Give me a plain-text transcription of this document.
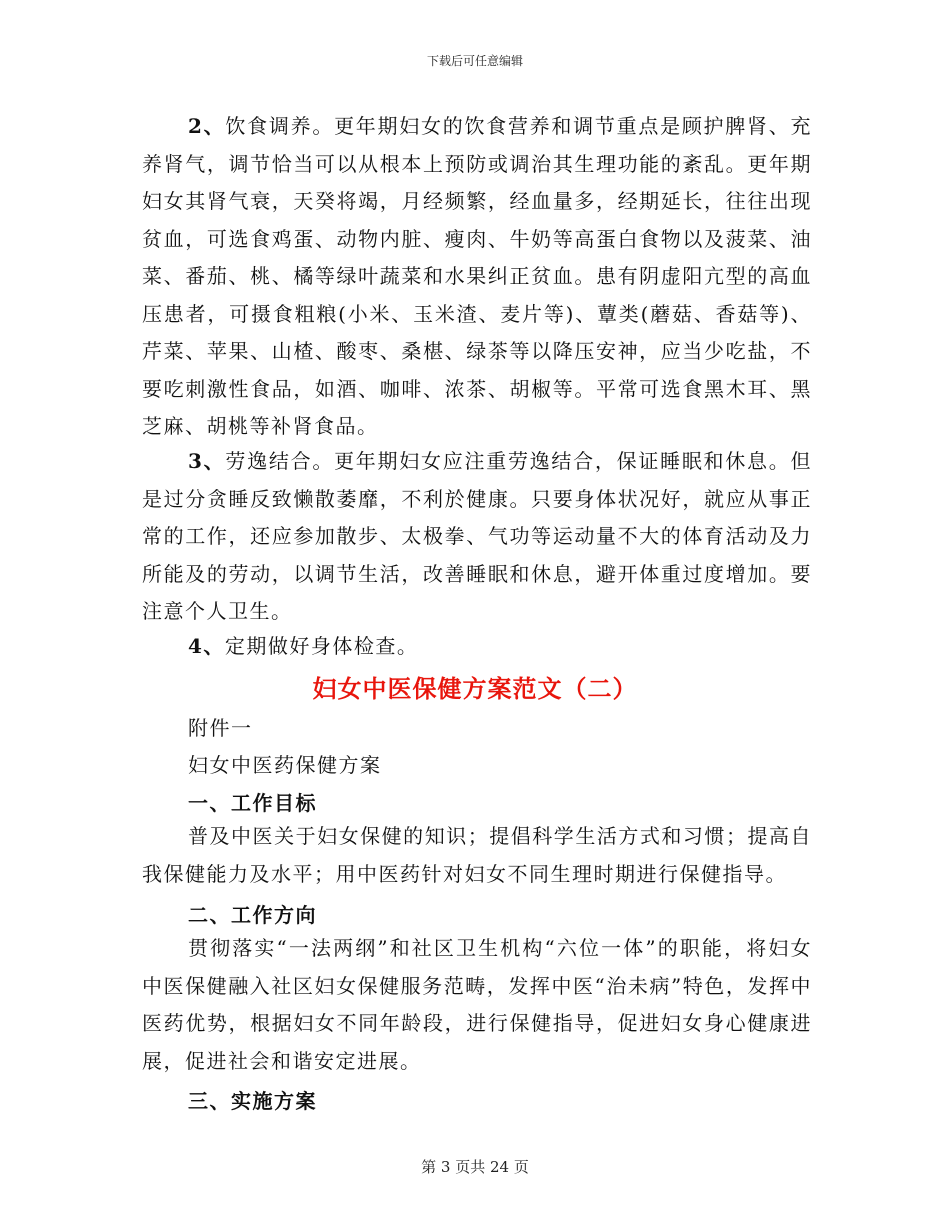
下载后可任意编辑

2、饮食调养。更年期妇女的饮食营养和调节重点是顾护脾肾、充养肾气，调节恰当可以从根本上预防或调治其生理功能的紊乱。更年期妇女其肾气衰，天癸将竭，月经频繁，经血量多，经期延长，往往出现贫血，可选食鸡蛋、动物内脏、瘦肉、牛奶等高蛋白食物以及菠菜、油菜、番茄、桃、橘等绿叶蔬菜和水果纠正贫血。患有阴虚阳亢型的高血压患者，可摄食粗粮(小米、玉米渣、麦片等)、蕈类(蘑菇、香菇等)、芹菜、苹果、山楂、酸枣、桑椹、绿茶等以降压安神，应当少吃盐，不要吃刺激性食品，如酒、咖啡、浓茶、胡椒等。平常可选食黑木耳、黑芝麻、胡桃等补肾食品。

3、劳逸结合。更年期妇女应注重劳逸结合，保证睡眠和休息。但是过分贪睡反致懒散萎靡，不利於健康。只要身体状况好，就应从事正常的工作，还应参加散步、太极拳、气功等运动量不大的体育活动及力所能及的劳动，以调节生活，改善睡眠和休息，避开体重过度增加。要注意个人卫生。

4、定期做好身体检查。

妇女中医保健方案范文（二）
附件一
妇女中医药保健方案
一、工作目标

普及中医关于妇女保健的知识；提倡科学生活方式和习惯；提高自我保健能力及水平；用中医药针对妇女不同生理时期进行保健指导。

二、工作方向

贯彻落实“一法两纲”和社区卫生机构“六位一体”的职能，将妇女中医保健融入社区妇女保健服务范畴，发挥中医“治未病”特色，发挥中医药优势，根据妇女不同年龄段，进行保健指导，促进妇女身心健康进展，促进社会和谐安定进展。

三、实施方案
第 3 页共 24 页
